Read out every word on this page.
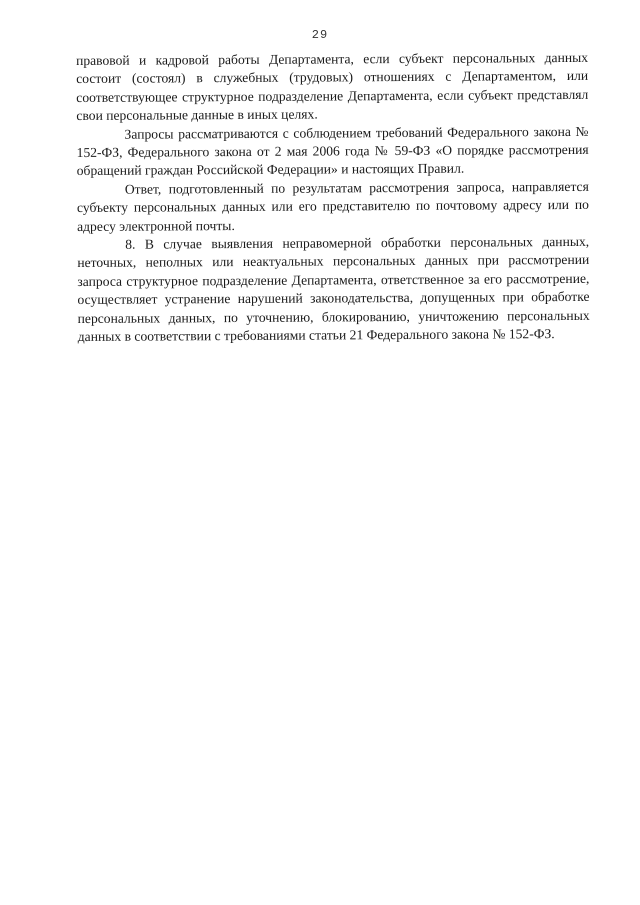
29

правовой и кадровой работы Департамента, если субъект персональных данных состоит (состоял) в служебных (трудовых) отношениях с Департаментом, или соответствующее структурное подразделение Департамента, если субъект представлял свои персональные данные в иных целях.

Запросы рассматриваются с соблюдением требований Федерального закона № 152-ФЗ, Федерального закона от 2 мая 2006 года № 59-ФЗ «О порядке рассмотрения обращений граждан Российской Федерации» и настоящих Правил.

Ответ, подготовленный по результатам рассмотрения запроса, направляется субъекту персональных данных или его представителю по почтовому адресу или по адресу электронной почты.

8. В случае выявления неправомерной обработки персональных данных, неточных, неполных или неактуальных персональных данных при рассмотрении запроса структурное подразделение Департамента, ответственное за его рассмотрение, осуществляет устранение нарушений законодательства, допущенных при обработке персональных данных, по уточнению, блокированию, уничтожению персональных данных в соответствии с требованиями статьи 21 Федерального закона № 152-ФЗ.
